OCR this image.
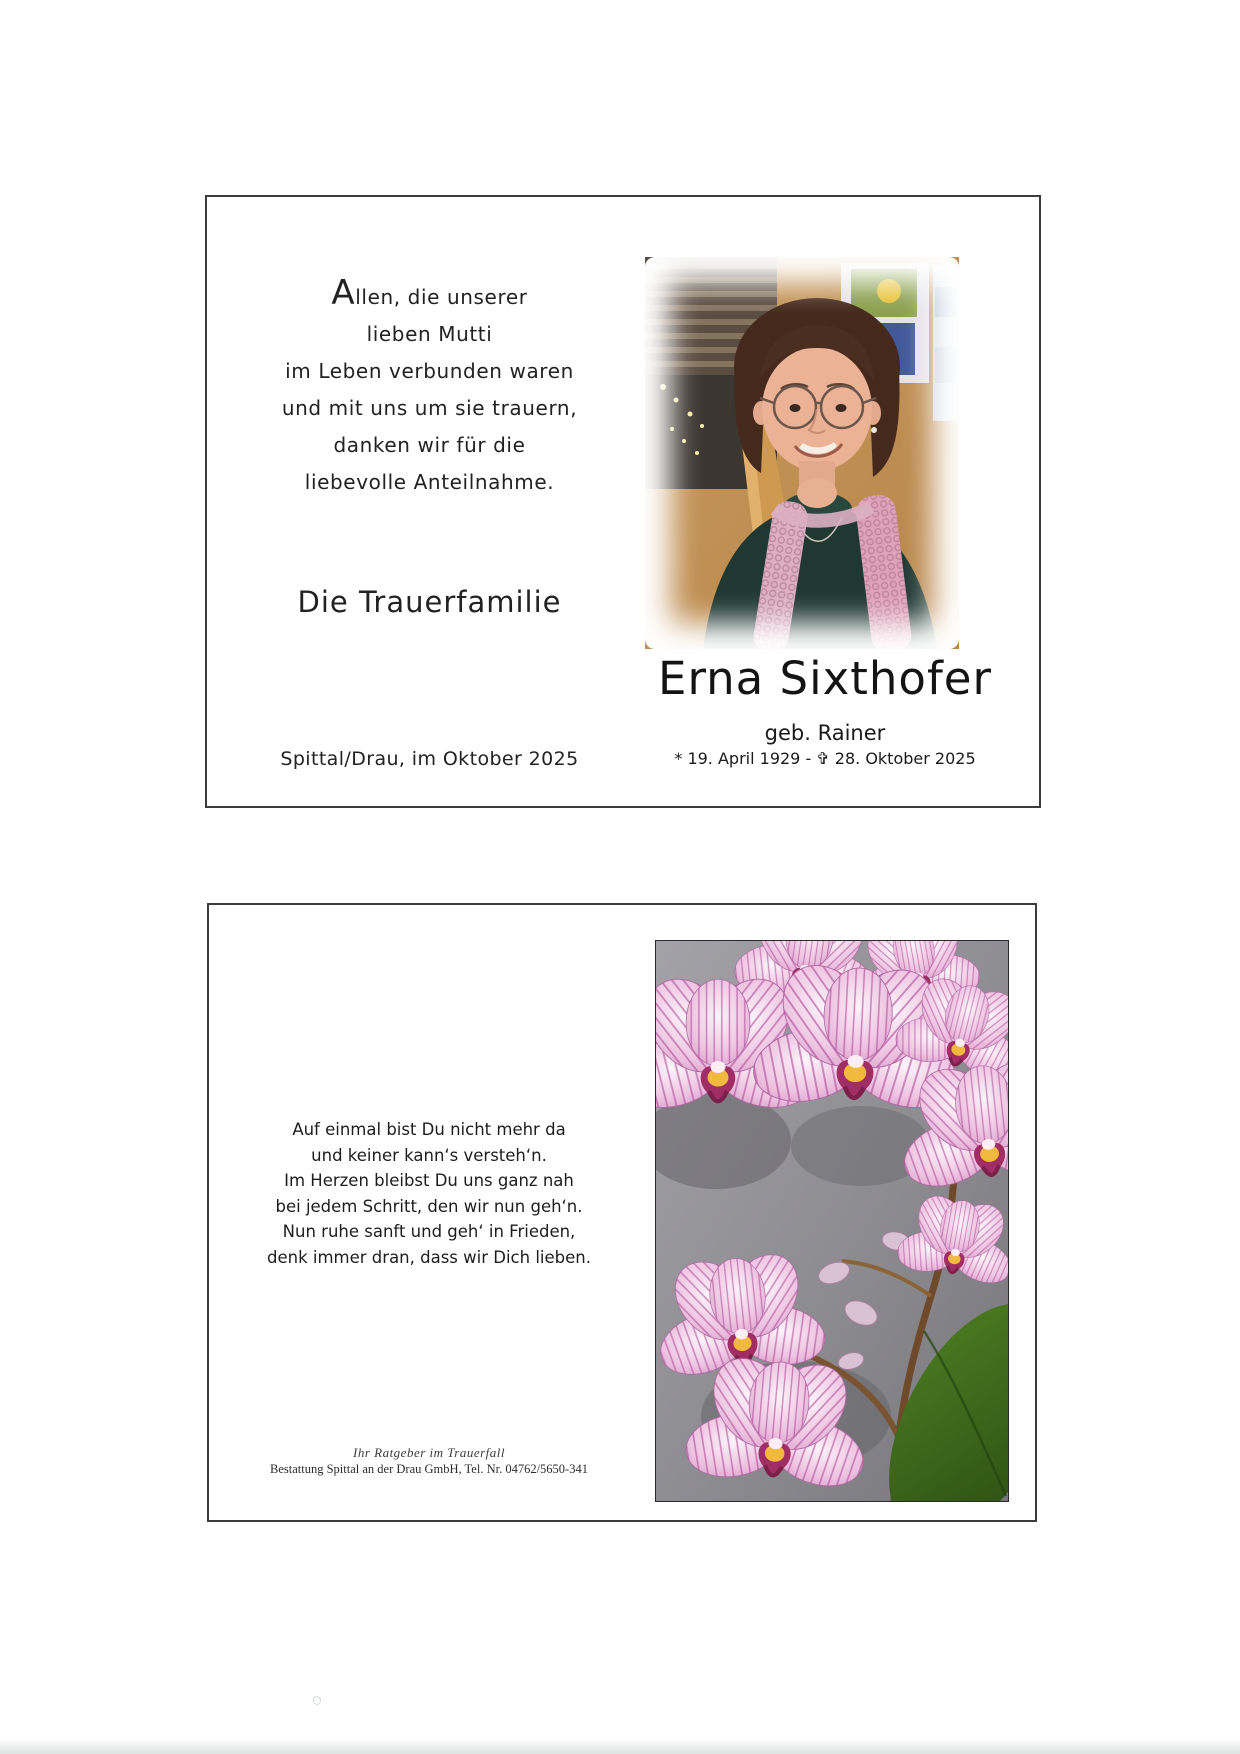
Allen, die unserer
lieben Mutti
im Leben verbunden waren
und mit uns um sie trauern,
danken wir für die
liebevolle Anteilnahme.
Die Trauerfamilie
Spittal/Drau, im Oktober 2025
Erna Sixthofer
geb. Rainer
* 19. April 1929 - ✞ 28. Oktober 2025
Auf einmal bist Du nicht mehr da
und keiner kann‘s versteh‘n.
Im Herzen bleibst Du uns ganz nah
bei jedem Schritt, den wir nun geh‘n.
Nun ruhe sanft und geh‘ in Frieden,
denk immer dran, dass wir Dich lieben.
Ihr Ratgeber im Trauerfall
Bestattung Spittal an der Drau GmbH, Tel. Nr. 04762/5650-341
